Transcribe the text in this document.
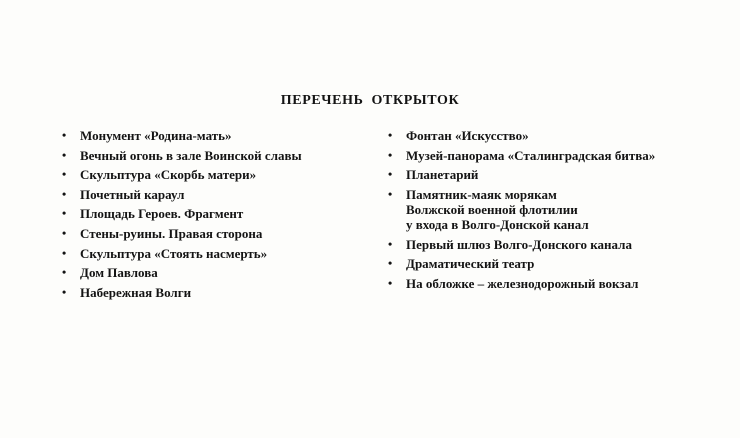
ПЕРЕЧЕНЬ ОТКРЫТОК
•	Монумент «Родина-мать»
•	Вечный огонь в зале Воинской славы
•	Скульптура «Скорбь матери»
•	Почетный караул
•	Площадь Героев. Фрагмент
•	Стены-руины. Правая сторона
•	Скульптура «Стоять насмерть»
•	Дом Павлова
•	Набережная Волги
•	Фонтан «Искусство»
•	Музей-панорама «Сталинградская битва»
•	Планетарий
•	Памятник-маяк морякам
Волжской военной флотилии
у входа в Волго-Донской канал
•	Первый шлюз Волго-Донского канала
•	Драматический театр
•	На обложке – железнодорожный вокзал
